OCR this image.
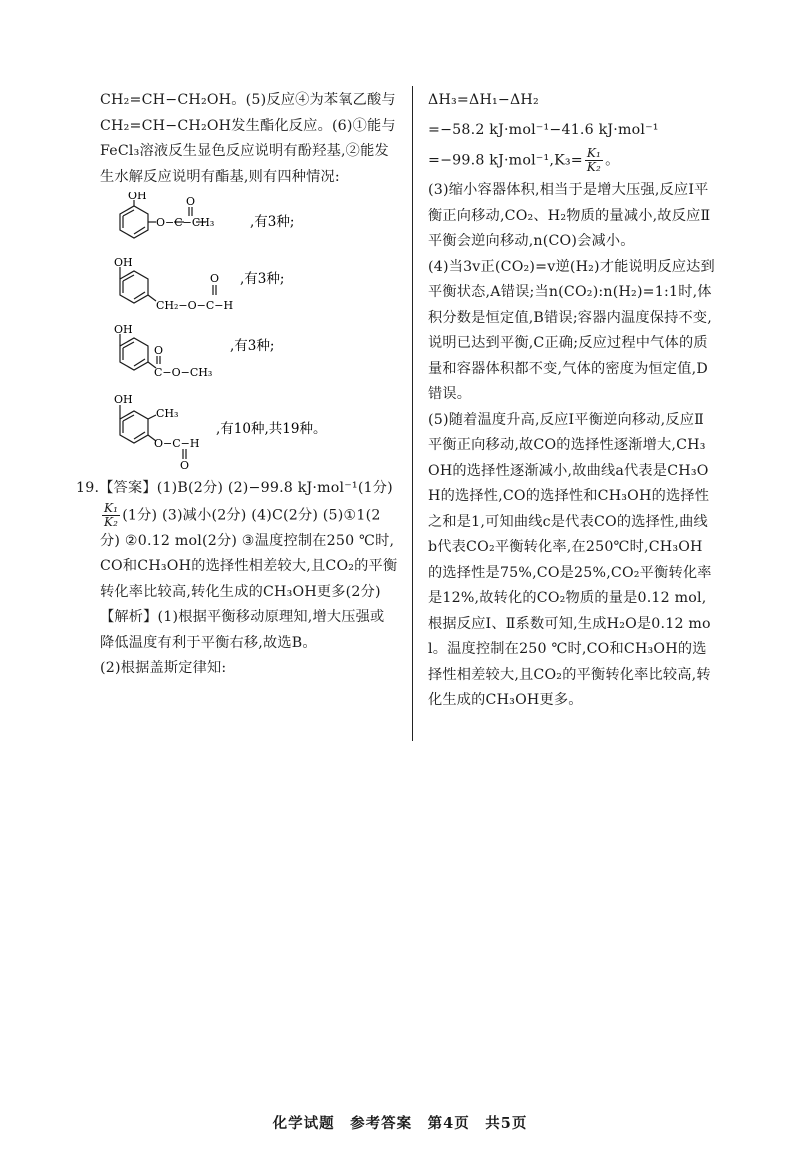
CH₂=CH−CH₂OH。(5)反应④为苯氧乙酸与CH₂=CH−CH₂OH发生酯化反应。(6)①能与FeCl₃溶液反生显色反应说明有酚羟基,②能发生水解反应说明有酯基,则有四种情况:

OH
O−C−CH₃
O
,有3种;
OH
CH₂−O−C−H
O ,有3种;
OH
O
C−O−CH₃
,有3种;
OH
CH₃
O−C−H
O
,有10种,共19种。

19.【答案】(1)B(2分) (2)−99.8 kJ·mol⁻¹(1分)

$\frac{\text{K₁}}{\text{K₂}} (1$分) (3)减小(2分) (4)C(2分) (5)①1(2分) ②0.12 mol(2分) ③温度控制在250 ℃时,CO和CH₃OH的选择性相差较大,且CO₂的平衡转化率比较高,转化生成的CH₃OH更多(2分)

【解析】(1)根据平衡移动原理知,增大压强或降低温度有利于平衡右移,故选B。

(2)根据盖斯定律知:

ΔH₃=ΔH₁−ΔH₂

=−58.2 kJ·mol⁻¹−41.6 kJ·mol⁻¹

=−99.8 $kJ\cdot mol^{-1},K_3= \frac{\text{K₁}}{\text{K₂}}$ 。

(3)缩小容器体积,相当于是增大压强,反应Ⅰ平衡正向移动,CO₂、H₂物质的量减小,故反应Ⅱ平衡会逆向移动,n(CO)会减小。

(4)当3v正(CO₂)=v逆(H₂)才能说明反应达到平衡状态,A错误;当n(CO₂):n(H₂)=1:1时,体积分数是恒定值,B错误;容器内温度保持不变,说明已达到平衡,C正确;反应过程中气体的质量和容器体积都不变,气体的密度为恒定值,D错误。

(5)随着温度升高,反应Ⅰ平衡逆向移动,反应Ⅱ平衡正向移动,故CO的选择性逐渐增大,CH₃OH的选择性逐渐减小,故曲线a代表是CH₃OH的选择性,CO的选择性和CH₃OH的选择性之和是1,可知曲线c是代表CO的选择性,曲线b代表CO₂平衡转化率,在250℃时,CH₃OH的选择性是75%,CO是25%,CO₂平衡转化率是12%,故转化的CO₂物质的量是0.12 mol,根据反应Ⅰ、Ⅱ系数可知,生成H₂O是0.12 mol。温度控制在250 ℃时,CO和CH₃OH的选择性相差较大,且CO₂的平衡转化率比较高,转化生成的CH₃OH更多。

化学试题　参考答案　第4页　共5页
